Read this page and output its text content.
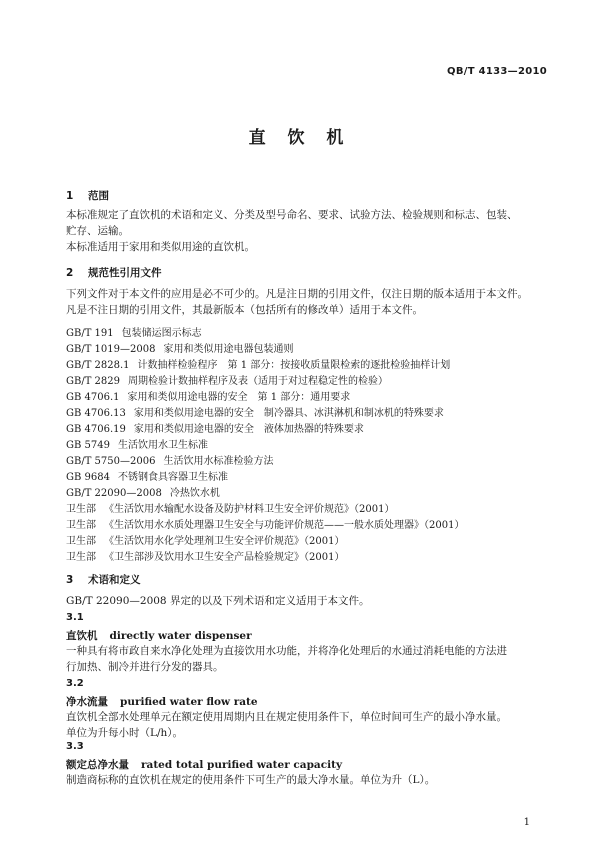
QB/T 4133—2010
直 饮 机
1 范围
本标准规定了直饮机的术语和定义、分类及型号命名、要求、试验方法、检验规则和标志、包装、
贮存、运输。
本标准适用于家用和类似用途的直饮机。
2 规范性引用文件
下列文件对于本文件的应用是必不可少的。凡是注日期的引用文件，仅注日期的版本适用于本文件。
凡是不注日期的引用文件，其最新版本（包括所有的修改单）适用于本文件。
GB/T 191 包装储运图示标志
GB/T 1019—2008 家用和类似用途电器包装通则
GB/T 2828.1 计数抽样检验程序　第 1 部分：按接收质量限检索的逐批检验抽样计划
GB/T 2829 周期检验计数抽样程序及表（适用于对过程稳定性的检验）
GB 4706.1 家用和类似用途电器的安全　第 1 部分：通用要求
GB 4706.13 家用和类似用途电器的安全　制冷器具、冰淇淋机和制冰机的特殊要求
GB 4706.19 家用和类似用途电器的安全　液体加热器的特殊要求
GB 5749 生活饮用水卫生标准
GB/T 5750—2006 生活饮用水标准检验方法
GB 9684 不锈钢食具容器卫生标准
GB/T 22090—2008 冷热饮水机
卫生部 《生活饮用水输配水设备及防护材料卫生安全评价规范》（2001）
卫生部 《生活饮用水水质处理器卫生安全与功能评价规范——一般水质处理器》（2001）
卫生部 《生活饮用水化学处理剂卫生安全评价规范》（2001）
卫生部 《卫生部涉及饮用水卫生安全产品检验规定》（2001）
3 术语和定义
GB/T 22090—2008 界定的以及下列术语和定义适用于本文件。
3.1
直饮机 directly water dispenser
一种具有将市政自来水净化处理为直接饮用水功能，并将净化处理后的水通过消耗电能的方法进
行加热、制冷并进行分发的器具。
3.2
净水流量 purified water flow rate
直饮机全部水处理单元在额定使用周期内且在规定使用条件下，单位时间可生产的最小净水量。
单位为升每小时（L/h）。
3.3
额定总净水量 rated total purified water capacity
制造商标称的直饮机在规定的使用条件下可生产的最大净水量。单位为升（L）。
1
